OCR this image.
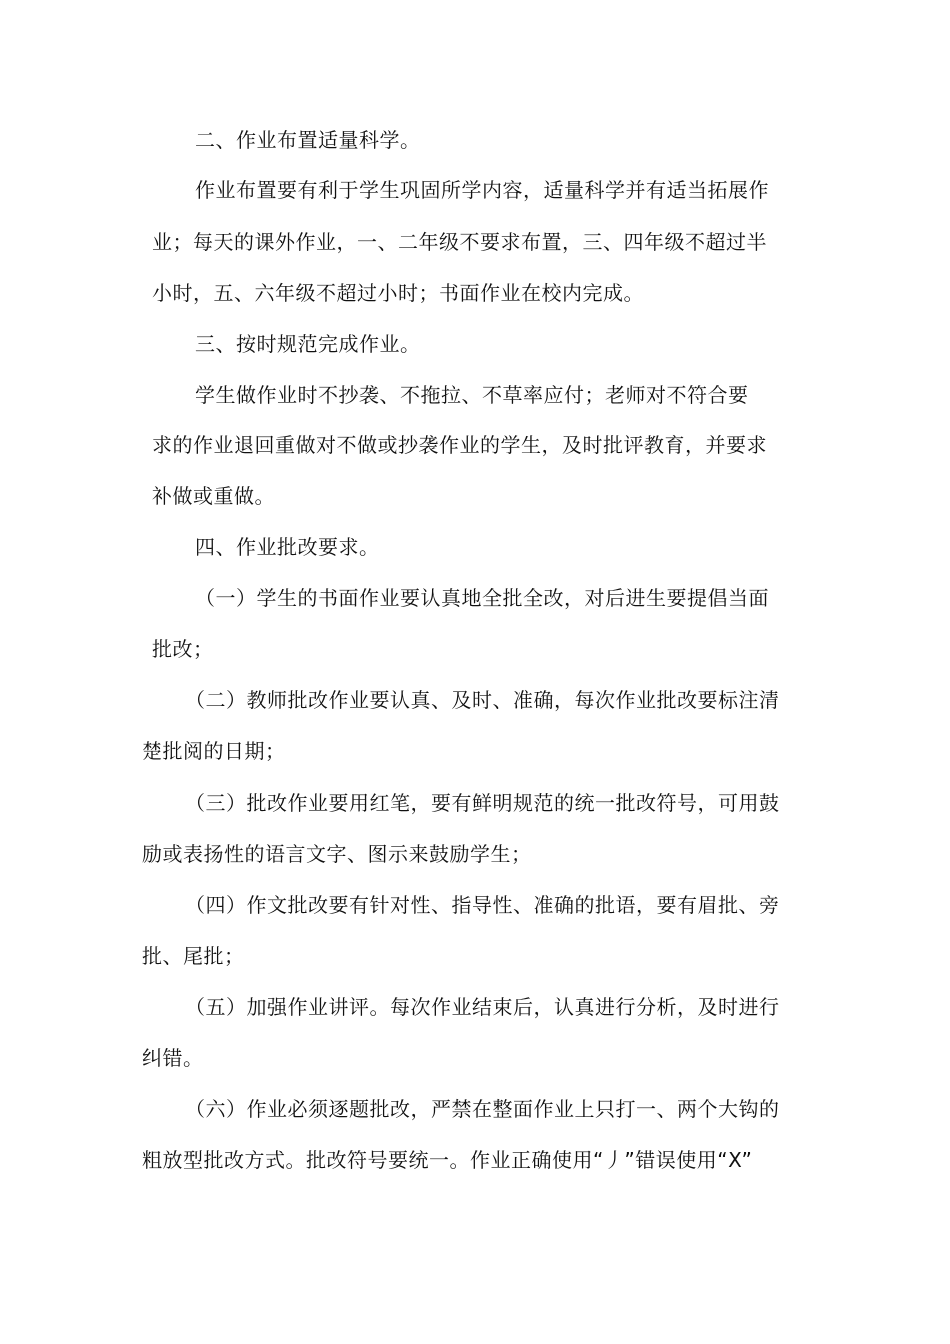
二、作业布置适量科学。
作业布置要有利于学生巩固所学内容，适量科学并有适当拓展作
业；每天的课外作业，一、二年级不要求布置，三、四年级不超过半
小时，五、六年级不超过小时；书面作业在校内完成。
三、按时规范完成作业。
学生做作业时不抄袭、不拖拉、不草率应付；老师对不符合要
求的作业退回重做对不做或抄袭作业的学生，及时批评教育，并要求
补做或重做。
四、作业批改要求。
（一）学生的书面作业要认真地全批全改，对后进生要提倡当面
批改；
（二）教师批改作业要认真、及时、准确，每次作业批改要标注清
楚批阅的日期；
（三）批改作业要用红笔，要有鲜明规范的统一批改符号，可用鼓
励或表扬性的语言文字、图示来鼓励学生；
（四）作文批改要有针对性、指导性、准确的批语，要有眉批、旁
批、尾批；
（五）加强作业讲评。每次作业结束后，认真进行分析，及时进行
纠错。
（六）作业必须逐题批改，严禁在整面作业上只打一、两个大钩的
粗放型批改方式。批改符号要统一。作业正确使用“丿”错误使用“X”
